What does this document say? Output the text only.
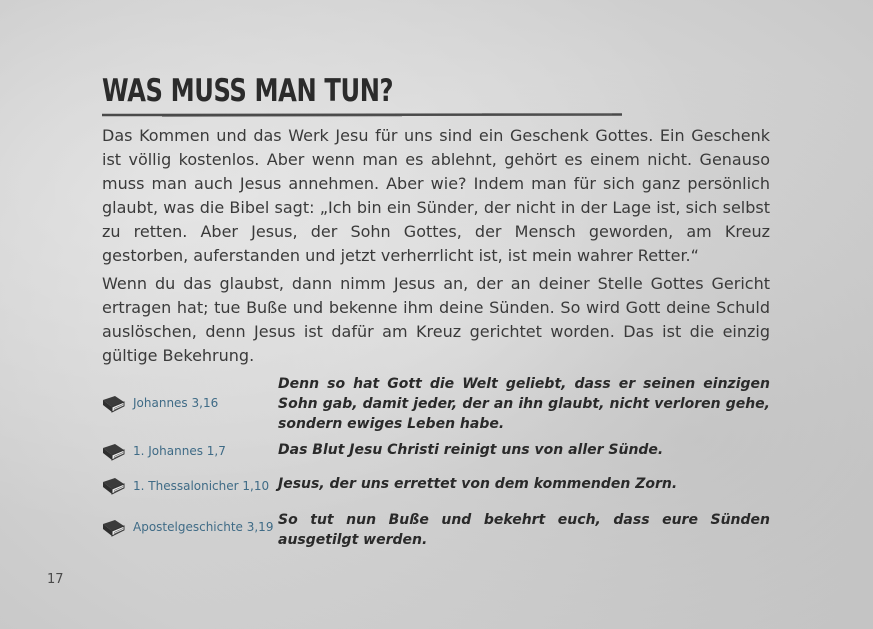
WAS MUSS MAN TUN?

Das Kommen und das Werk Jesu für uns sind ein Geschenk Gottes. Ein Geschenk ist völlig kostenlos. Aber wenn man es ablehnt, gehört es einem nicht. Genauso muss man auch Jesus annehmen. Aber wie? Indem man für sich ganz persönlich glaubt, was die Bibel sagt: „Ich bin ein Sünder, der nicht in der Lage ist, sich selbst zu retten. Aber Jesus, der Sohn Gottes, der Mensch geworden, am Kreuz gestorben, auferstanden und jetzt verherrlicht ist, ist mein wahrer Retter.“

Wenn du das glaubst, dann nimm Jesus an, der an deiner Stelle Gottes Gericht ertragen hat; tue Buße und bekenne ihm deine Sünden. So wird Gott deine Schuld auslöschen, denn Jesus ist dafür am Kreuz gerichtet worden. Das ist die einzig gültige Bekehrung.

Johannes 3,16
Denn so hat Gott die Welt geliebt, dass er seinen einzigen Sohn gab, damit jeder, der an ihn glaubt, nicht verloren gehe, sondern ewiges Leben habe.
1. Johannes 1,7	Das Blut Jesu Christi reinigt uns von aller Sünde.
1. Thessalonicher 1,10 Jesus, der uns errettet von dem kommenden Zorn.
Apostelgeschichte 3,19 So tut nun Buße und bekehrt euch, dass eure Sünden ausgetilgt werden.
17
